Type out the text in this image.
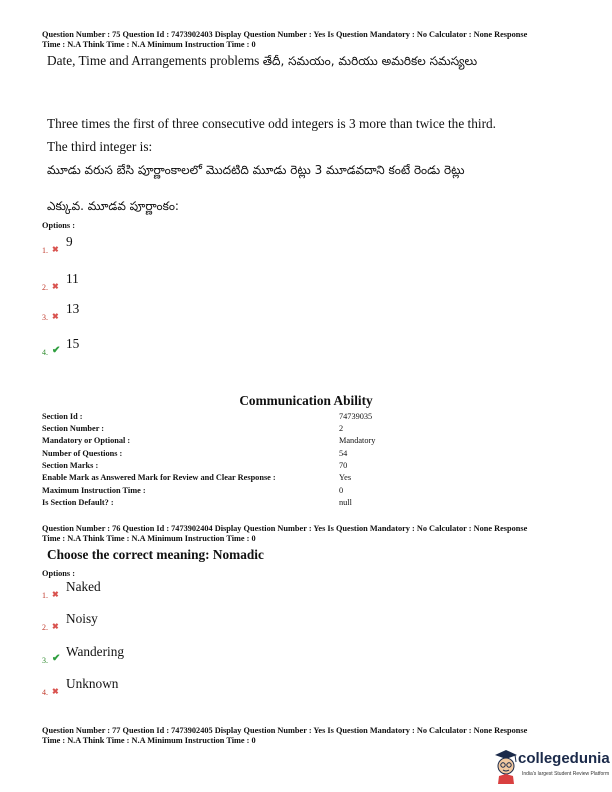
Question Number : 75 Question Id : 7473902403 Display Question Number : Yes Is Question Mandatory : No Calculator : None Response
Time : N.A Think Time : N.A Minimum Instruction Time : 0
Date, Time and Arrangements problems తేదీ, సమయం, మరియు అమరికల సమస్యలు
Three times the first of three consecutive odd integers is 3 more than twice the third.
The third integer is:
మూడు వరుస బేసి పూర్ణాంకాలలో మొదటిది మూడు రెట్లు 3 మూడవదాని కంటే రెండు రెట్లు
ఎక్కువ. మూడవ పూర్ణాంకం:
Options :
1. ✖
9
2. ✖
11
3. ✖
13
4. ✔ 15
Communication Ability
Section Id :	74739035
Section Number :	2
Mandatory or Optional :	Mandatory
Number of Questions :	54
Section Marks :	70
Enable Mark as Answered Mark for Review and Clear Response :	Yes
Maximum Instruction Time :	0
Is Section Default? :	null
Question Number : 76 Question Id : 7473902404 Display Question Number : Yes Is Question Mandatory : No Calculator : None Response
Time : N.A Think Time : N.A Minimum Instruction Time : 0
Choose the correct meaning: Nomadic
Options :
1. ✖
Naked
2. ✖
Noisy
3. ✔ Wandering
4. ✖
Unknown
Question Number : 77 Question Id : 7473902405 Display Question Number : Yes Is Question Mandatory : No Calculator : None Response
Time : N.A Think Time : N.A Minimum Instruction Time : 0
collegedunia
India's largest Student Review Platform
